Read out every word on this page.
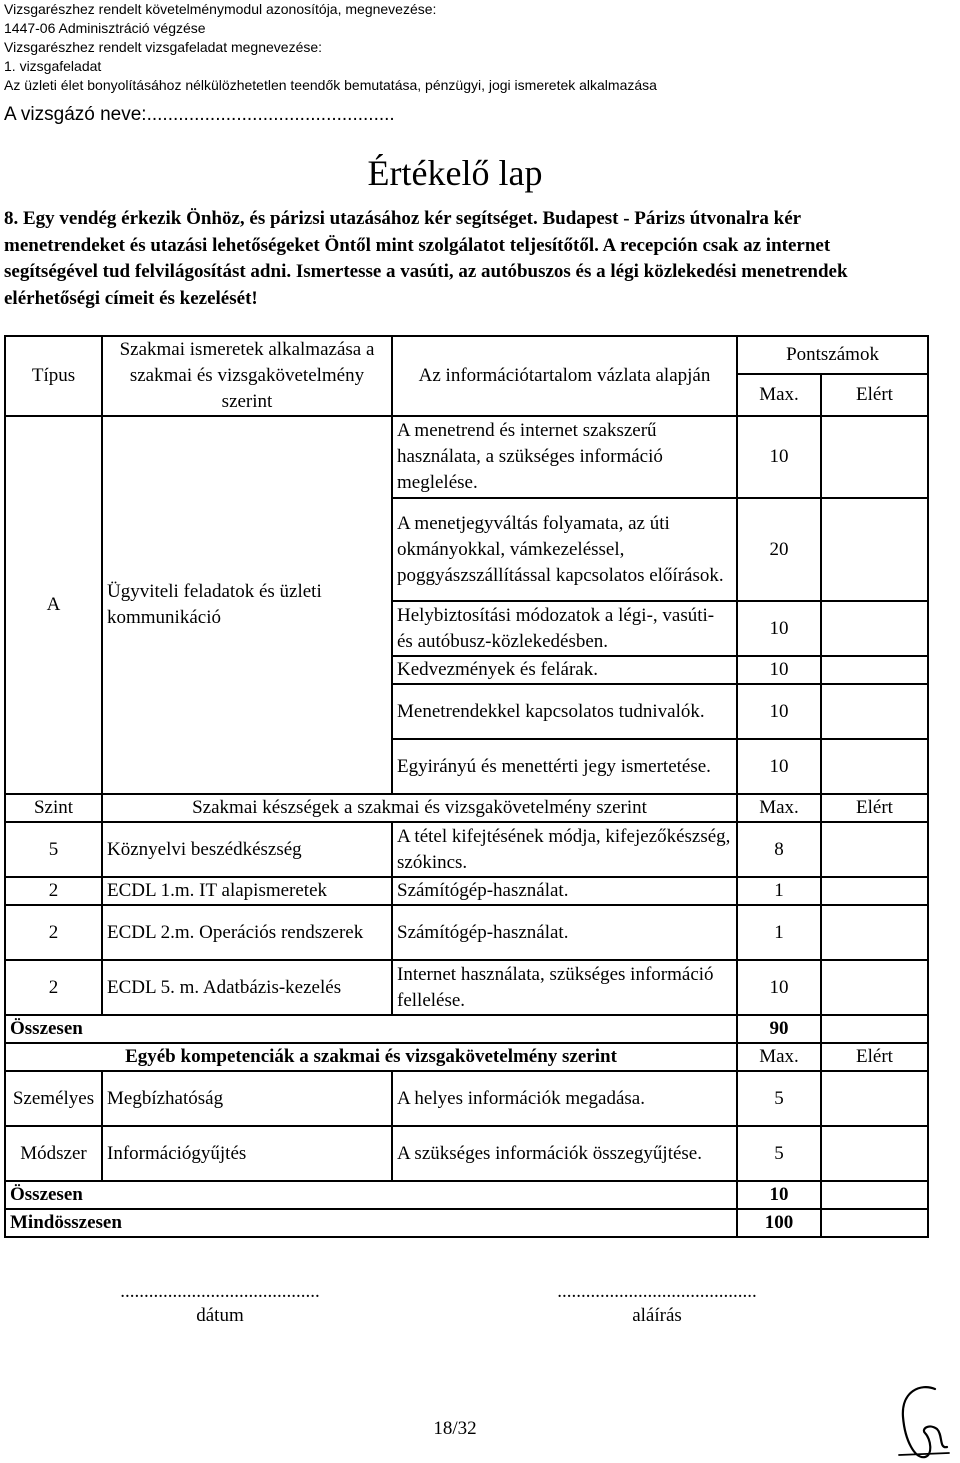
Vizsgarészhez rendelt követelménymodul azonosítója, megnevezése:
1447-06 Adminisztráció végzése
Vizsgarészhez rendelt vizsgafeladat megnevezése:
1. vizsgafeladat
Az üzleti élet bonyolításához nélkülözhetetlen teendők bemutatása, pénzügyi, jogi ismeretek alkalmazása
A vizsgázó neve:...............................................
Értékelő lap
8. Egy vendég érkezik Önhöz, és párizsi utazásához kér segítséget. Budapest - Párizs útvonalra kér menetrendeket és utazási lehetőségeket Öntől mint szolgálatot teljesítőtől. A recepción csak az internet segítségével tud felvilágosítást adni. Ismertesse a vasúti, az autóbuszos és a légi közlekedési menetrendek elérhetőségi címeit és kezelését!
Típus	Szakmai ismeretek alkalmazása a szakmai és vizsgakövetelmény szerint	Az információtartalom vázlata alapján	Pontszámok	
			Max.	Elért
A	Ügyviteli feladatok és üzleti kommunikáció	A menetrend és internet szakszerű használata, a szükséges információ meglelése.	10	
		A menetjegyváltás folyamata, az úti okmányokkal, vámkezeléssel, poggyászszállítással kapcsolatos előírások.	20	
		Helybiztosítási módozatok a légi-, vasúti- és autóbusz-közlekedésben.	10	
		Kedvezmények és felárak.	10	
		Menetrendekkel kapcsolatos tudnivalók.	10	
		Egyirányú és menettérti jegy ismertetése.	10	
Szint	Szakmai készségek a szakmai és vizsgakövetelmény szerint		Max.	Elért
5	Köznyelvi beszédkészség	A tétel kifejtésének módja, kifejezőkészség, szókincs.	8	
2	ECDL 1.m. IT alapismeretek	Számítógép-használat.	1	
2	ECDL 2.m. Operációs rendszerek	Számítógép-használat.	1	
2	ECDL 5. m. Adatbázis-kezelés	Internet használata, szükséges információ fellelése.	10	
Összesen			90	
Egyéb kompetenciák a szakmai és vizsgakövetelmény szerint			Max.	Elért
Személyes	Megbízhatóság	A helyes információk megadása.	5	
Módszer	Információgyűjtés	A szükséges információk összegyűjtése.	5	
Összesen			10	
Mindösszesen			100	
..........................................
dátum
..........................................
aláírás
18/32
